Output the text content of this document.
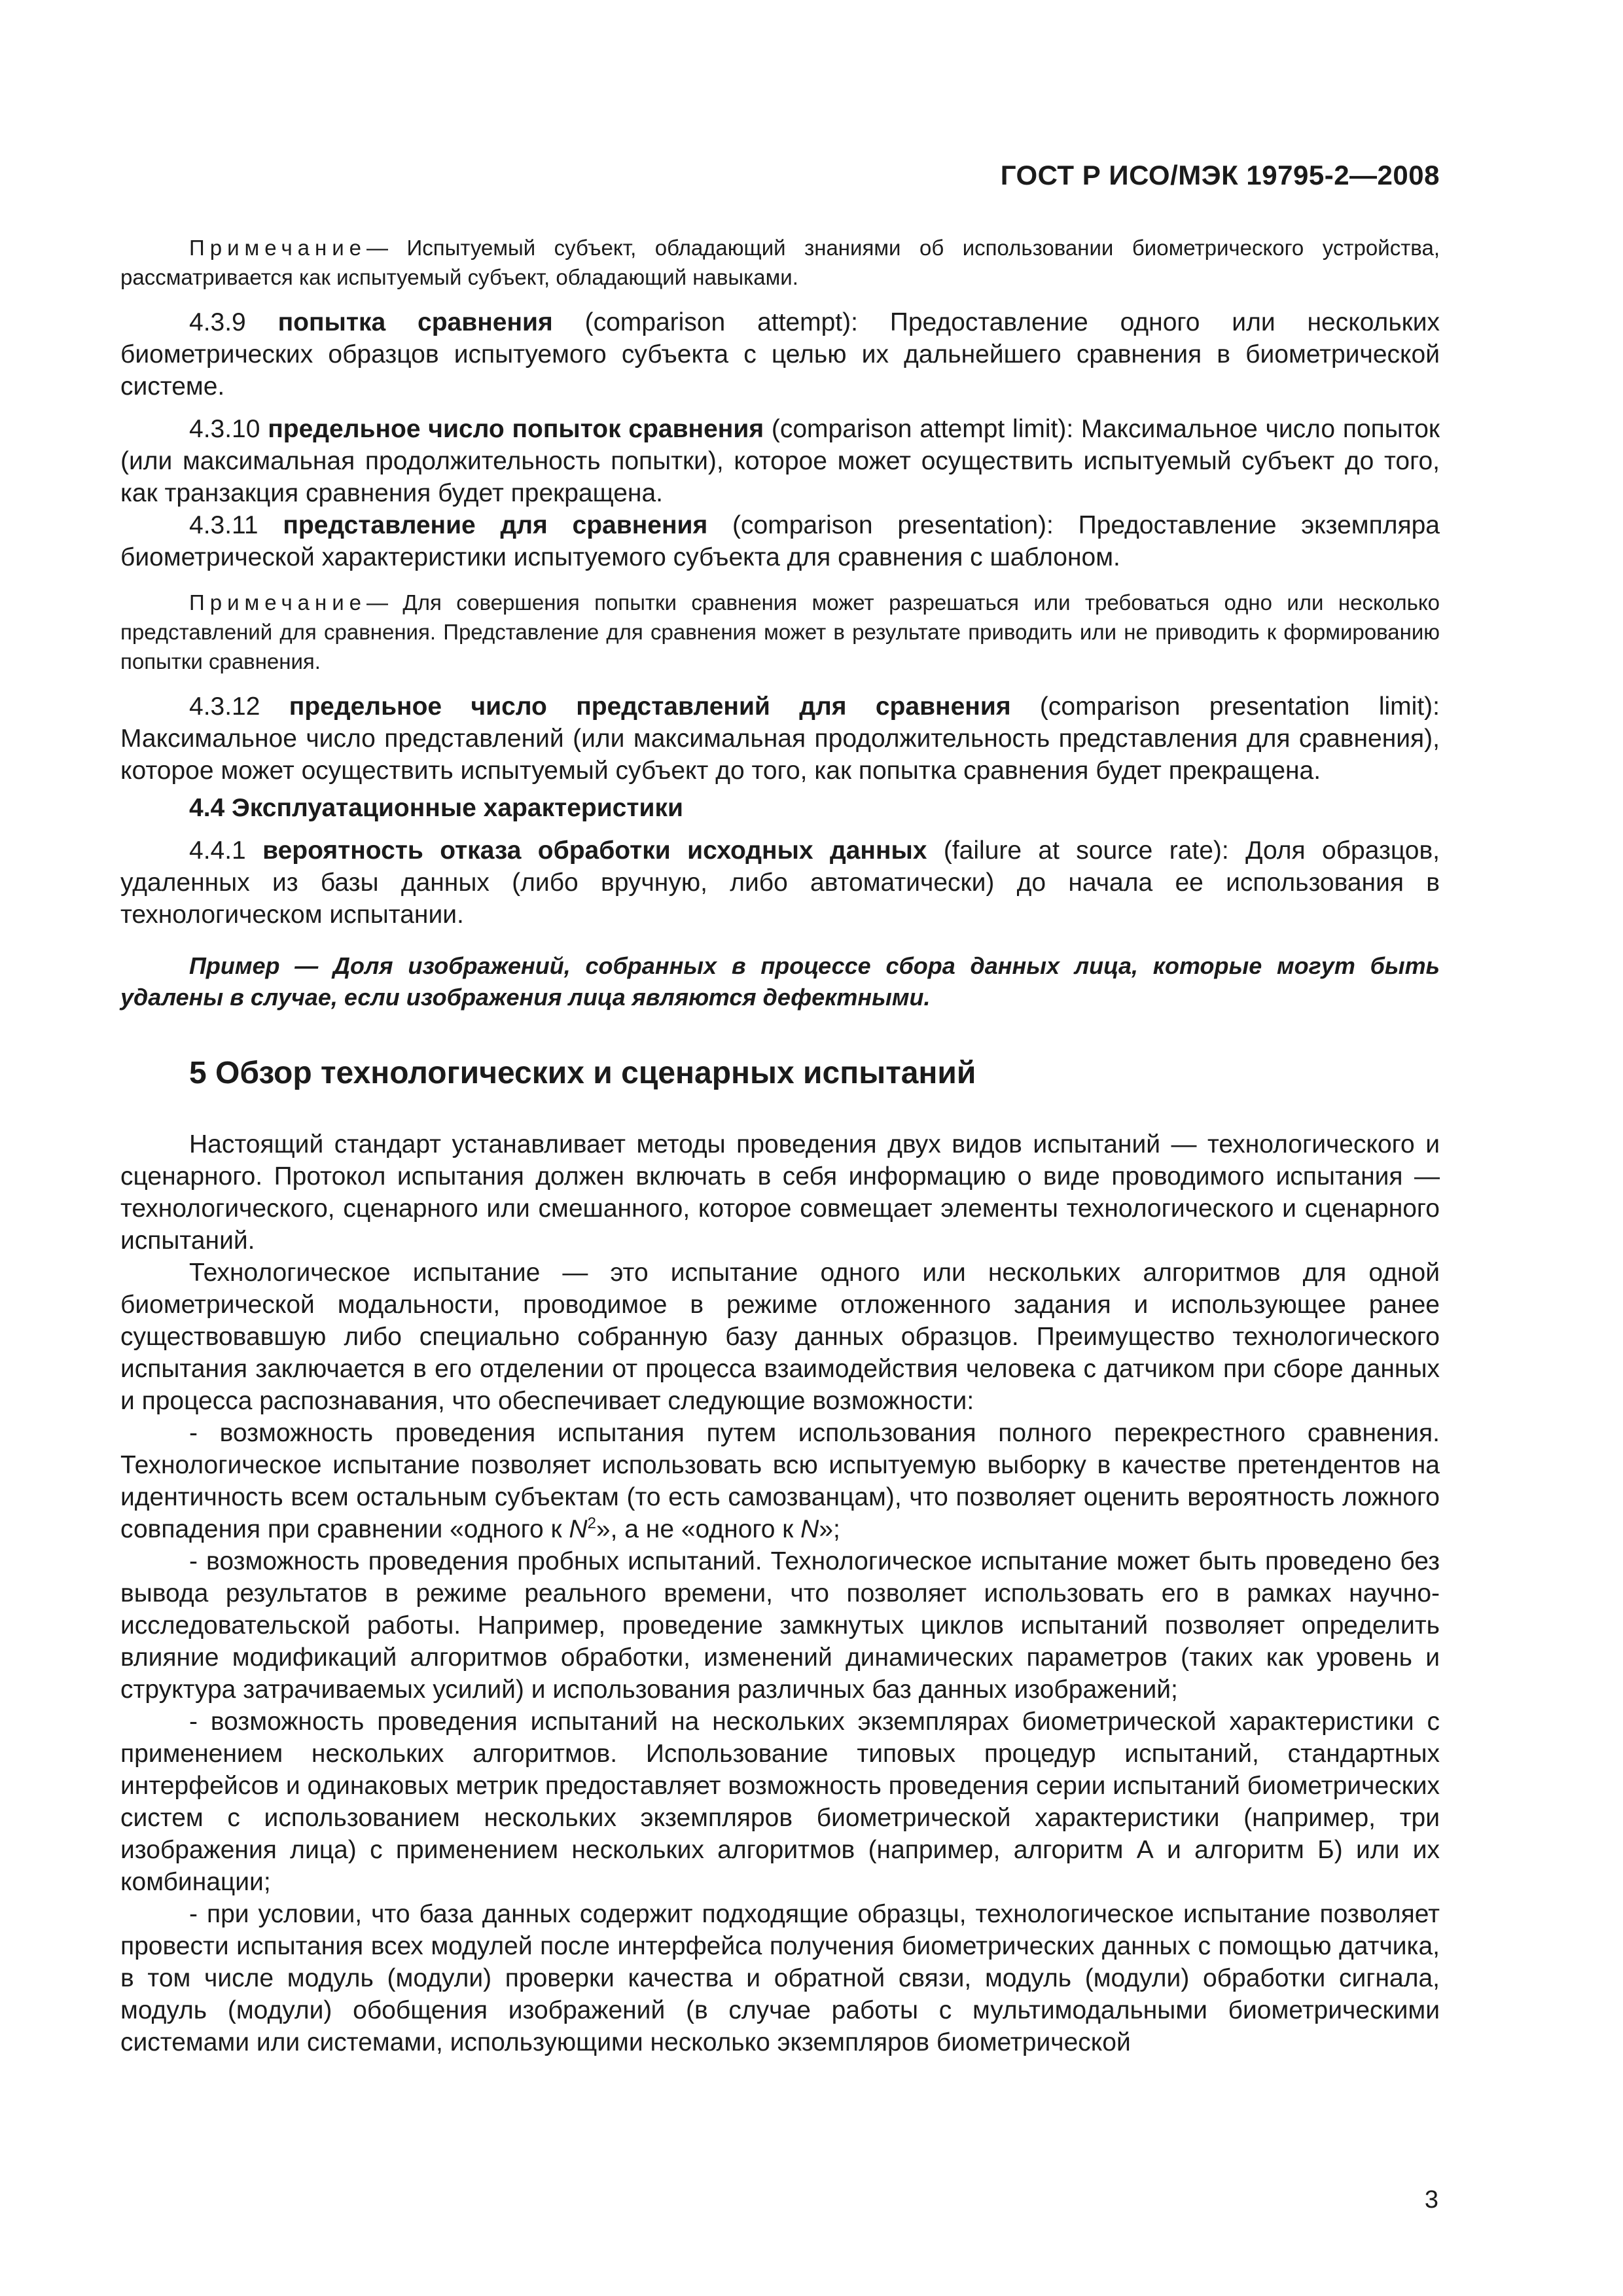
ГОСТ Р ИСО/МЭК 19795-2—2008

Примечание— Испытуемый субъект, обладающий знаниями об использовании биометрического устройства, рассматривается как испытуемый субъект, обладающий навыками.

4.3.9 попытка сравнения (comparison attempt): Предоставление одного или нескольких биометрических образцов испытуемого субъекта с целью их дальнейшего сравнения в биометрической системе.

4.3.10 предельное число попыток сравнения (comparison attempt limit): Максимальное число попыток (или максимальная продолжительность попытки), которое может осуществить испытуемый субъект до того, как транзакция сравнения будет прекращена.

4.3.11 представление для сравнения (comparison presentation): Предоставление экземпляра биометрической характеристики испытуемого субъекта для сравнения с шаблоном.

Примечание— Для совершения попытки сравнения может разрешаться или требоваться одно или несколько представлений для сравнения. Представление для сравнения может в результате приводить или не приводить к формированию попытки сравнения.

4.3.12 предельное число представлений для сравнения (comparison presentation limit): Максимальное число представлений (или максимальная продолжительность представления для сравнения), которое может осуществить испытуемый субъект до того, как попытка сравнения будет прекращена.

4.4 Эксплуатационные характеристики

4.4.1 вероятность отказа обработки исходных данных (failure at source rate): Доля образцов, удаленных из базы данных (либо вручную, либо автоматически) до начала ее использования в технологическом испытании.

Пример — Доля изображений, собранных в процессе сбора данных лица, которые могут быть удалены в случае, если изображения лица являются дефектными.

5 Обзор технологических и сценарных испытаний

Настоящий стандарт устанавливает методы проведения двух видов испытаний — технологического и сценарного. Протокол испытания должен включать в себя информацию о виде проводимого испытания — технологического, сценарного или смешанного, которое совмещает элементы технологического и сценарного испытаний.

Технологическое испытание — это испытание одного или нескольких алгоритмов для одной биометрической модальности, проводимое в режиме отложенного задания и использующее ранее существовавшую либо специально собранную базу данных образцов. Преимущество технологического испытания заключается в его отделении от процесса взаимодействия человека с датчиком при сборе данных и процесса распознавания, что обеспечивает следующие возможности:

- возможность проведения испытания путем использования полного перекрестного сравнения. Технологическое испытание позволяет использовать всю испытуемую выборку в качестве претендентов на идентичность всем остальным субъектам (то есть самозванцам), что позволяет оценить вероятность ложного совпадения при сравнении «одного к $N^2$», а не «одного к N»;

- возможность проведения пробных испытаний. Технологическое испытание может быть проведено без вывода результатов в режиме реального времени, что позволяет использовать его в рамках научно-исследовательской работы. Например, проведение замкнутых циклов испытаний позволяет определить влияние модификаций алгоритмов обработки, изменений динамических параметров (таких как уровень и структура затрачиваемых усилий) и использования различных баз данных изображений;

- возможность проведения испытаний на нескольких экземплярах биометрической характеристики с применением нескольких алгоритмов. Использование типовых процедур испытаний, стандартных интерфейсов и одинаковых метрик предоставляет возможность проведения серии испытаний биометрических систем с использованием нескольких экземпляров биометрической характеристики (например, три изображения лица) с применением нескольких алгоритмов (например, алгоритм А и алгоритм Б) или их комбинации;

- при условии, что база данных содержит подходящие образцы, технологическое испытание позволяет провести испытания всех модулей после интерфейса получения биометрических данных с помощью датчика, в том числе модуль (модули) проверки качества и обратной связи, модуль (модули) обработки сигнала, модуль (модули) обобщения изображений (в случае работы с мультимодальными биометрическими системами или системами, использующими несколько экземпляров биометрической

3
